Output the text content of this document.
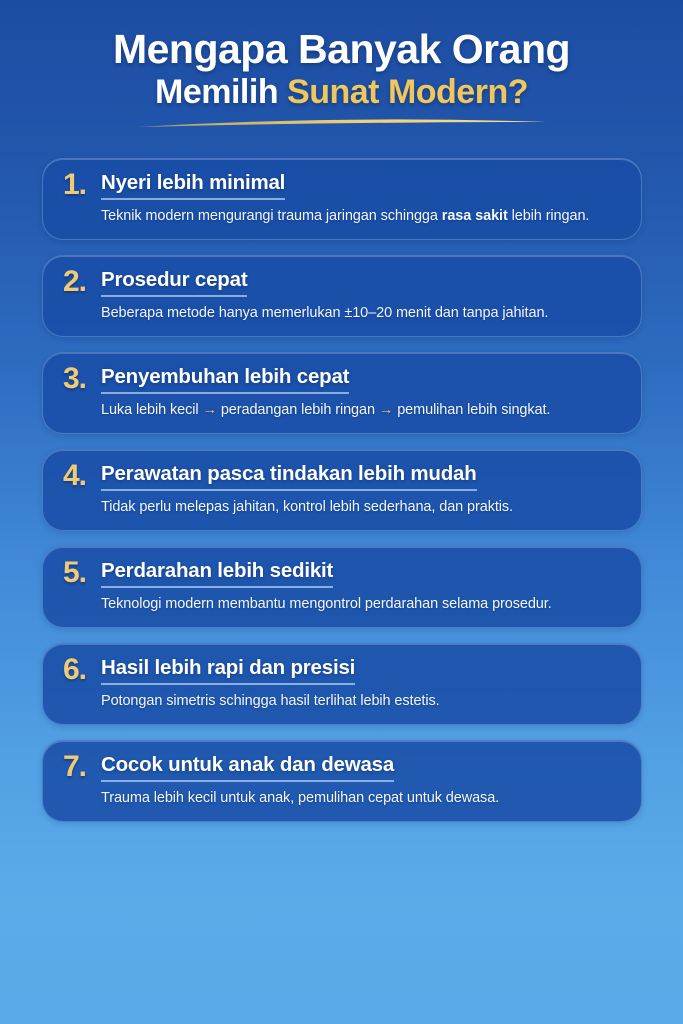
Mengapa Banyak Orang
Memilih Sunat Modern?
1. Nyeri lebih minimal

Teknik modern mengurangi trauma jaringan schingga rasa sakit lebih ringan.

2. Prosedur cepat

Beberapa metode hanya memerlukan ±10–20 menit dan tanpa jahitan.

3. Penyembuhan lebih cepat

Luka lebih kecil → peradangan lebih ringan → pemulihan lebih singkat.

4. Perawatan pasca tindakan lebih mudah

Tidak perlu melepas jahitan, kontrol lebih sederhana, dan praktis.

5. Perdarahan lebih sedikit

Teknologi modern membantu mengontrol perdarahan selama prosedur.

6. Hasil lebih rapi dan presisi

Potongan simetris schingga hasil terlihat lebih estetis.

7. Cocok untuk anak dan dewasa

Trauma lebih kecil untuk anak, pemulihan cepat untuk dewasa.
